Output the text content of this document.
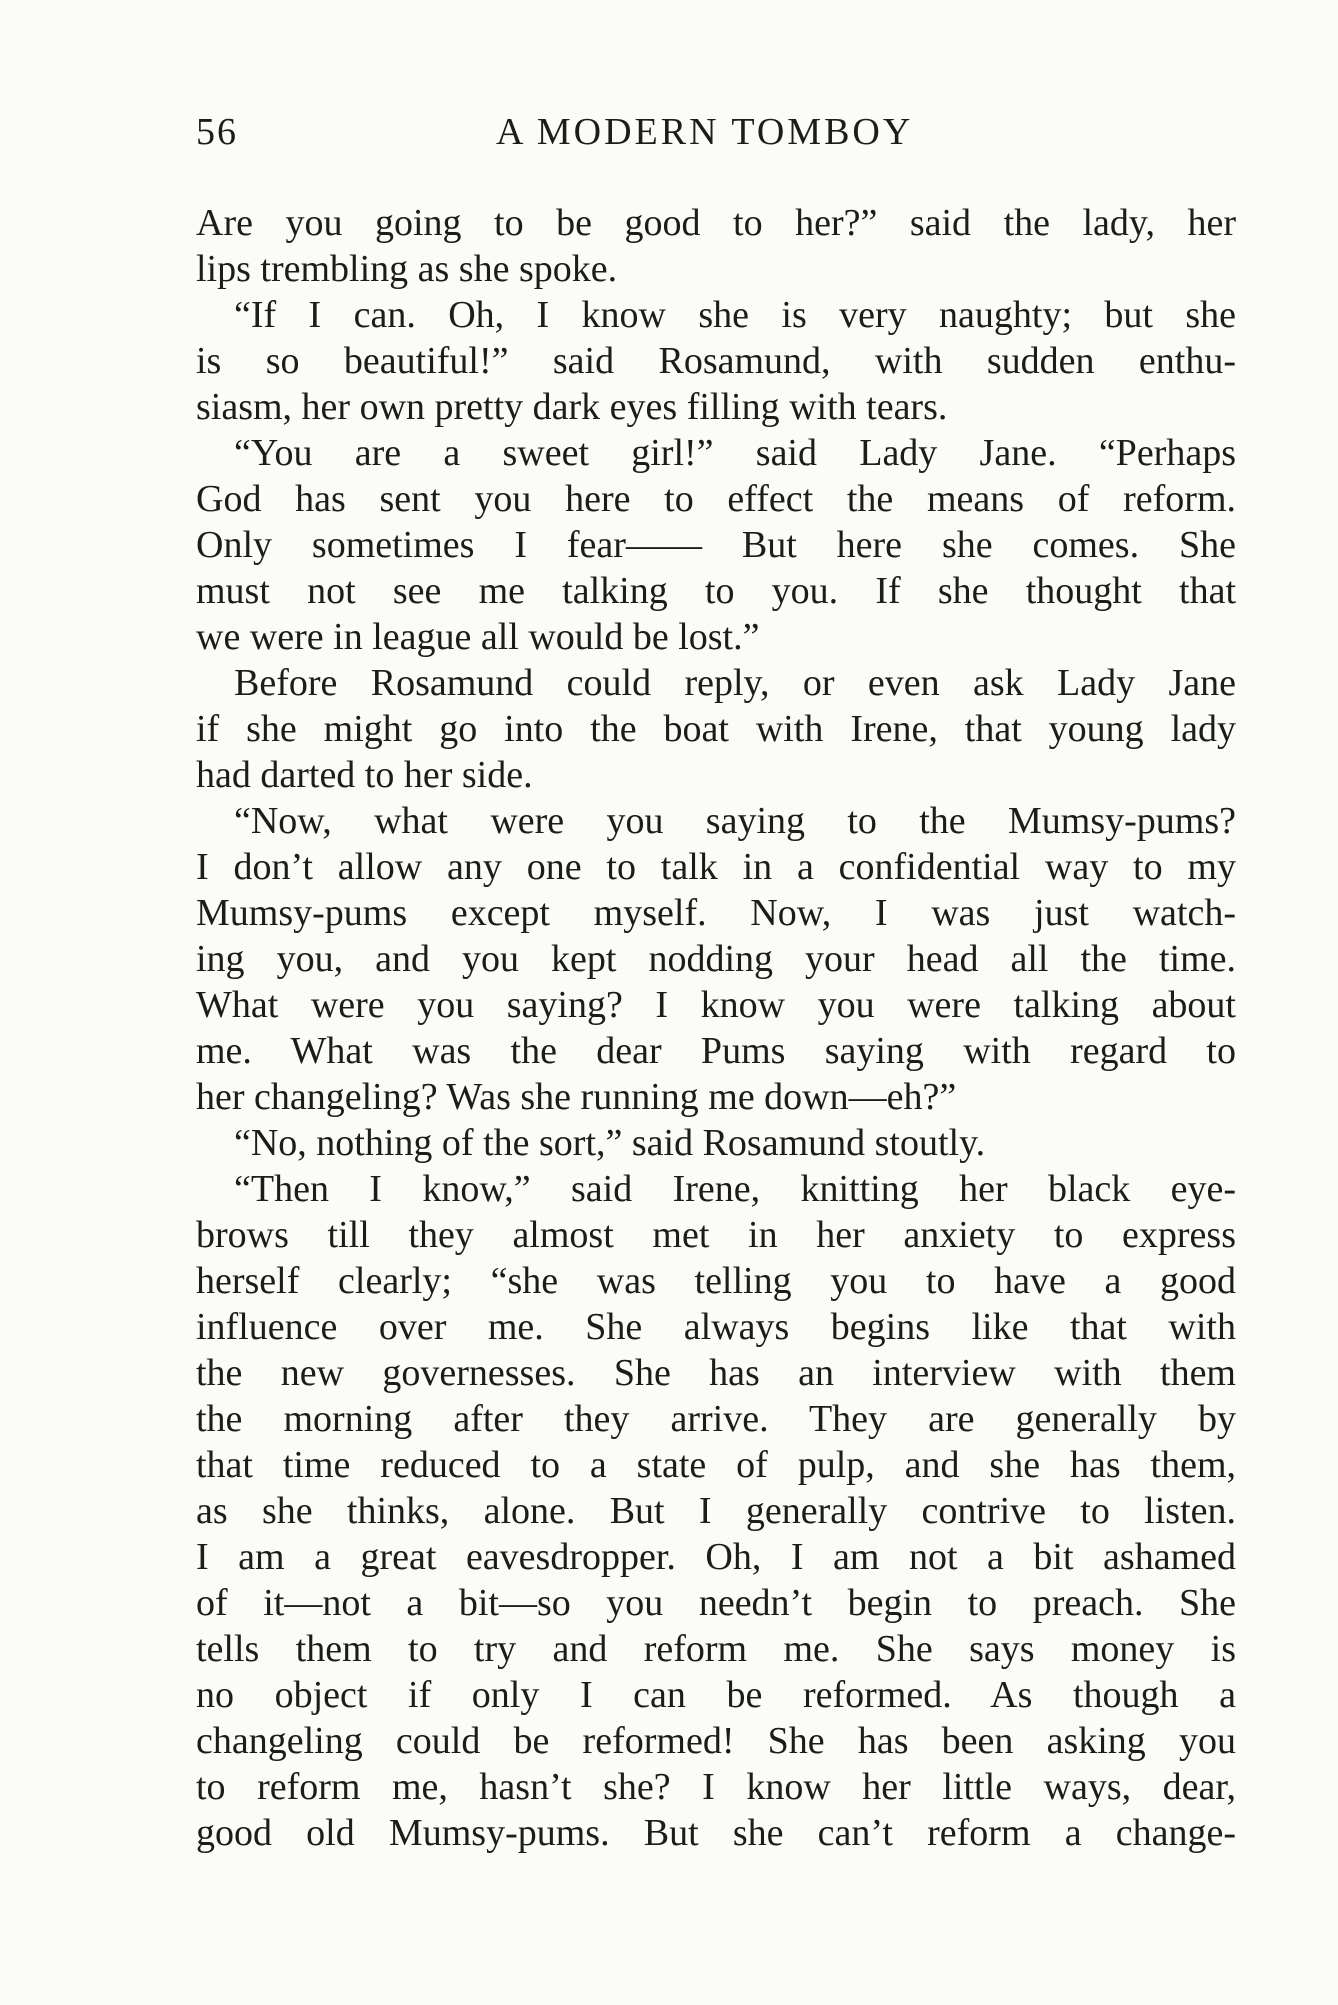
56	A MODERN TOMBOY
Are you going to be good to her?” said the lady, her
lips trembling as she spoke.
“If I can. Oh, I know she is very naughty; but she
is so beautiful!” said Rosamund, with sudden enthu-
siasm, her own pretty dark eyes filling with tears.
“You are a sweet girl!” said Lady Jane. “Perhaps
God has sent you here to effect the means of reform.
Only sometimes I fear—— But here she comes. She
must not see me talking to you. If she thought that
we were in league all would be lost.”
Before Rosamund could reply, or even ask Lady Jane
if she might go into the boat with Irene, that young lady
had darted to her side.
“Now, what were you saying to the Mumsy-pums?
I don’t allow any one to talk in a confidential way to my
Mumsy-pums except myself. Now, I was just watch-
ing you, and you kept nodding your head all the time.
What were you saying? I know you were talking about
me. What was the dear Pums saying with regard to
her changeling? Was she running me down—eh?”
“No, nothing of the sort,” said Rosamund stoutly.
“Then I know,” said Irene, knitting her black eye-
brows till they almost met in her anxiety to express
herself clearly; “she was telling you to have a good
influence over me. She always begins like that with
the new governesses. She has an interview with them
the morning after they arrive. They are generally by
that time reduced to a state of pulp, and she has them,
as she thinks, alone. But I generally contrive to listen.
I am a great eavesdropper. Oh, I am not a bit ashamed
of it—not a bit—so you needn’t begin to preach. She
tells them to try and reform me. She says money is
no object if only I can be reformed. As though a
changeling could be reformed! She has been asking you
to reform me, hasn’t she? I know her little ways, dear,
good old Mumsy-pums. But she can’t reform a change-
